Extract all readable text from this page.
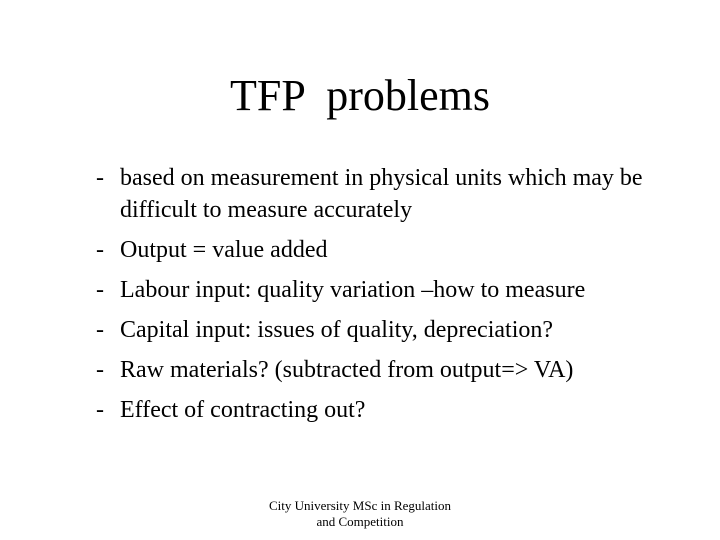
TFP  problems
- based on measurement in physical units which may be difficult to measure accurately
- Output = value added
- Labour input: quality variation –how to measure
- Capital input: issues of quality, depreciation?
- Raw materials? (subtracted from output=> VA)
- Effect of contracting out?
City University MSc in Regulation
and Competition
